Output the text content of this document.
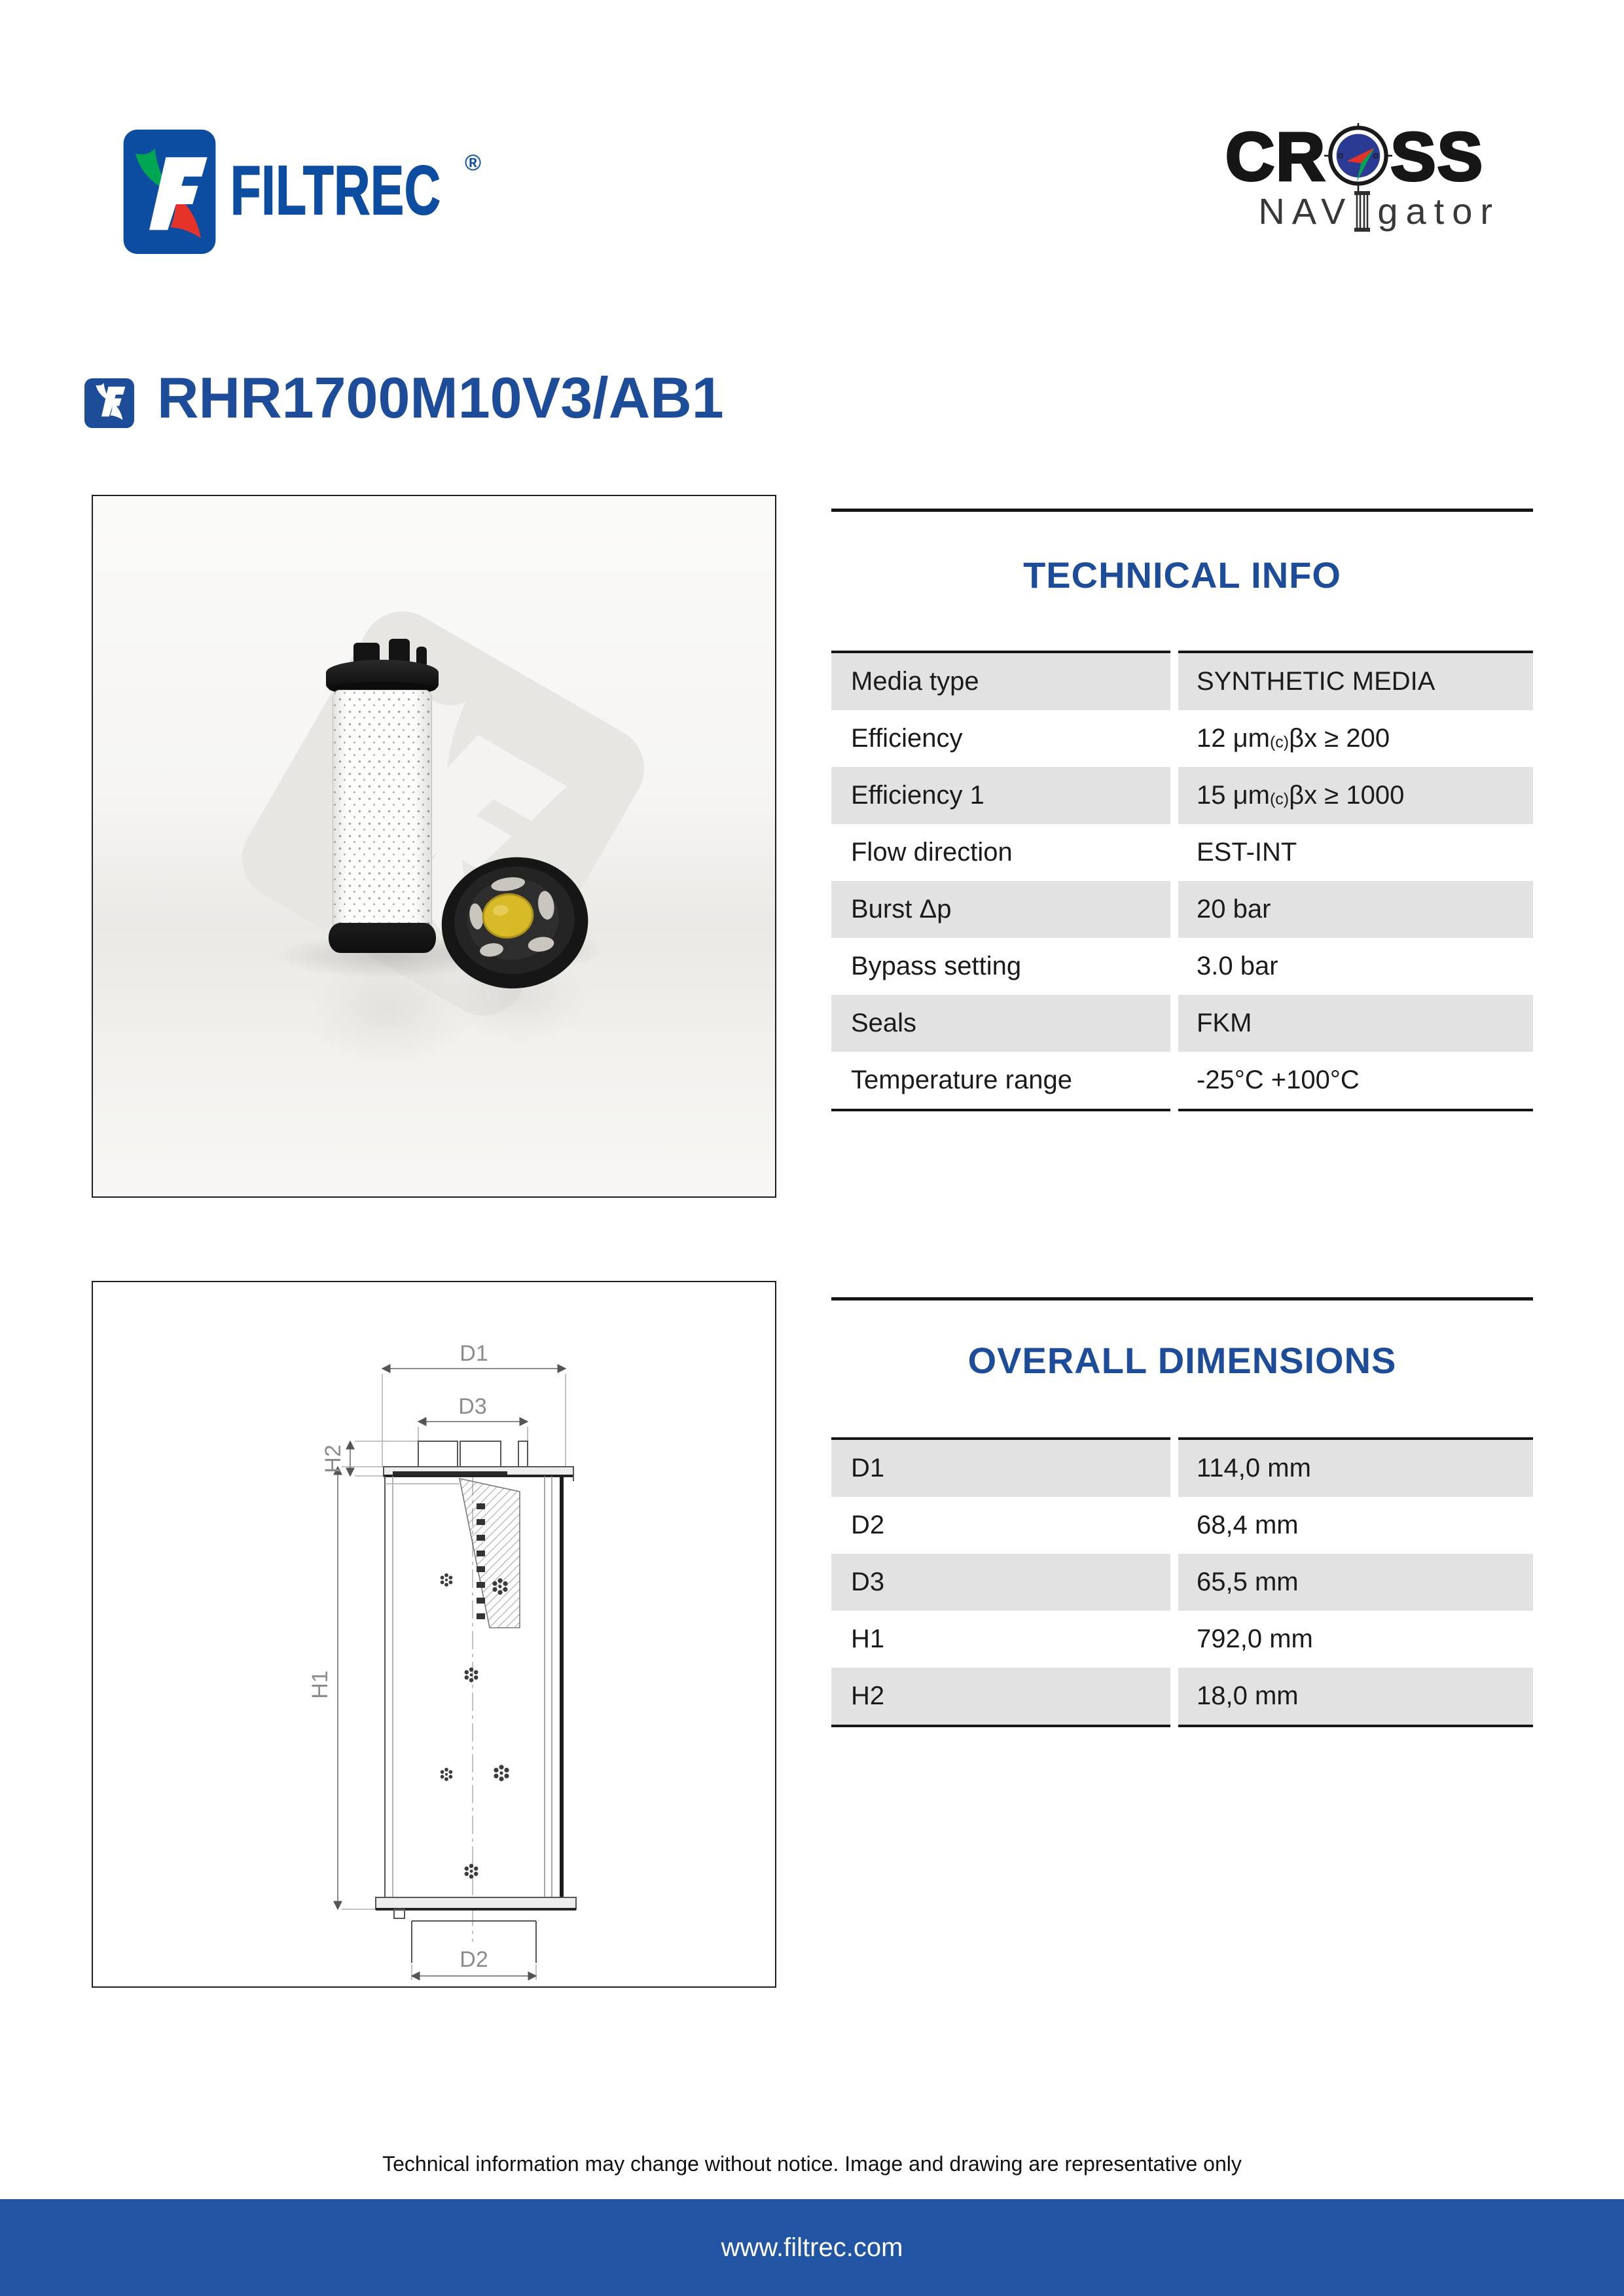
FILTREC ®	CR SS
NAV gator
RHR1700M10V3/AB1
TECHNICAL INFO
Media type	SYNTHETIC MEDIA
Efficiency	12 μm (c) βx ≥ 200
Efficiency 1	15 μm (c) βx ≥ 1000
Flow direction	EST-INT
Burst Δp	20 bar
Bypass setting	3.0 bar
Seals	FKM
Temperature range	-25°C +100°C
OVERALL DIMENSIONS
D1	114,0 mm
D2	68,4 mm
D3	65,5 mm
H1	792,0 mm
H2	18,0 mm
D1
D3
H2
H1
D2
Technical information may change without notice. Image and drawing are representative only
www.filtrec.com
